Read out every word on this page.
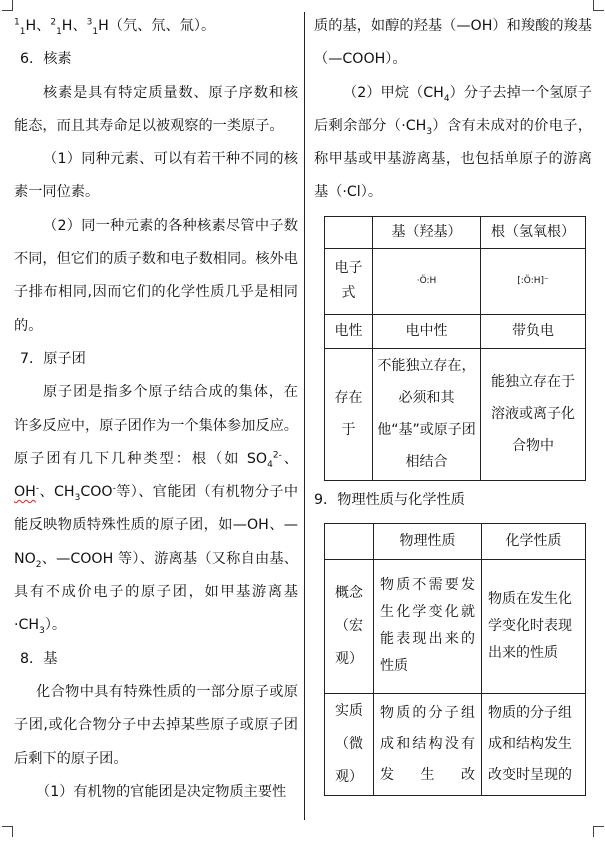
$^1_1$H、$^2_1$H、$^3_1$H（氕、氘、氚）。

6．核素

核素是具有特定质量数、原子序数和核能态，而且其寿命足以被观察的一类原子。

（1）同种元素、可以有若干种不同的核素一同位素。

（2）同一种元素的各种核素尽管中子数不同，但它们的质子数和电子数相同。核外电子排布相同,因而它们的化学性质几乎是相同的。

7．原子团

原子团是指多个原子结合成的集体，在许多反应中，原子团作为一个集体参加反应。原子团有几下几种类型：根（如 $SO_4^{2-}$、OH-、$CH_3COO^-$等）、官能团（有机物分子中能反映物质特殊性质的原子团，如—OH、$—NO_2$、—COOH 等）、游离基（又称自由基、具有不成价电子的原子团，如甲基游离基 $\cdot CH_3$）。

8．基

化合物中具有特殊性质的一部分原子或原子团,或化合物分子中去掉某些原子或原子团后剩下的原子团。

（1）有机物的官能团是决定物质主要性

质的基，如醇的羟基（—OH）和羧酸的羧基（—COOH）。

（2）甲烷$(CH_4)$分子去掉一个氢原子后剩余部分$(\cdot CH_3)$含有未成对的价电子，称甲基或甲基游离基，也包括单原子的游离基（·Cl）。

	基（羟基）	根（氢氧根）
电子式	·Ö:H	[:Ö:H]⁻
电性	电中性	带负电
存在于	不能独立存在，必须和其他“基”或原子团相结合	能独立存在于溶液或离子化合物中

9．物理性质与化学性质

	物理性质	化学性质
概念（宏观）	物质不需要发生化学变化就能表现出来的性质	物质在发生化学变化时表现出来的性质
实质（微观）	物质的分子组成和结构没有发生改	物质的分子组成和结构发生改变时呈现的
